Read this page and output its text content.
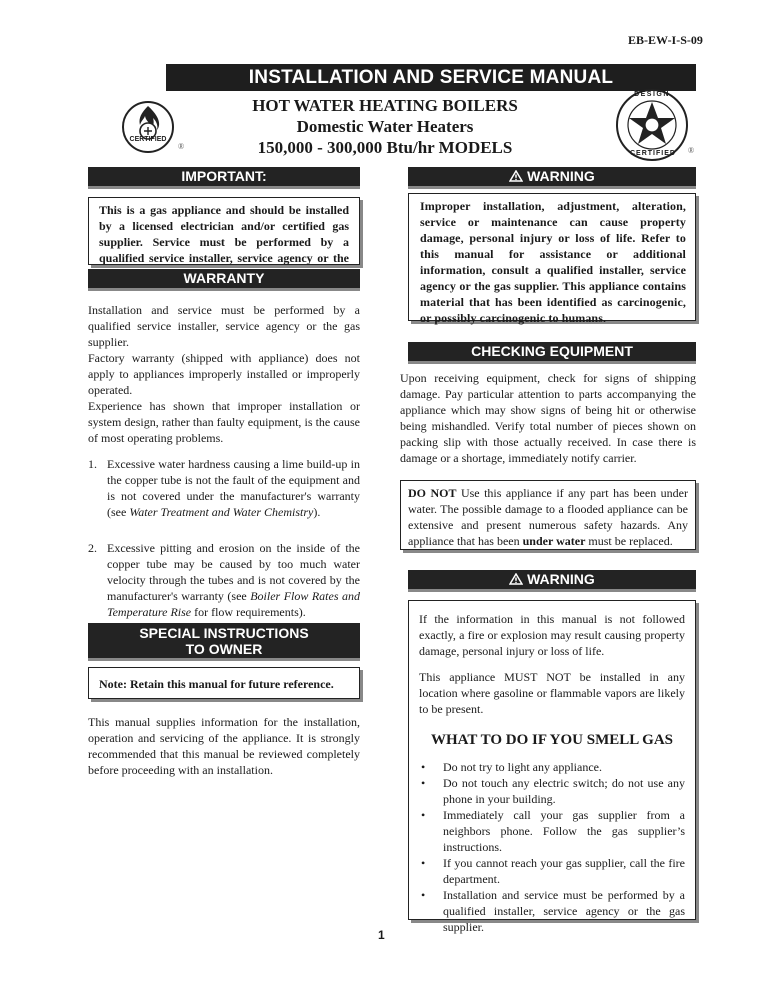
EB-EW-I-S-09
INSTALLATION AND SERVICE MANUAL
HOT WATER HEATING BOILERS
Domestic Water Heaters
150,000 - 300,000 Btu/hr MODELS
CERTIFIED
®
DESIGN
CERTIFIED ®
IMPORTANT:
This is a gas appliance and should be installed by a licensed electrician and/or certified gas supplier. Service must be performed by a qualified service installer, service agency or the
WARNING
Improper installation, adjustment, alteration, service or maintenance can cause property damage, personal injury or loss of life. Refer to this manual for assistance or additional information, consult a qualified installer, service agency or the gas supplier. This appliance contains material that has been identified as carcinogenic, or possibly carcinogenic to humans.
WARRANTY
Installation and service must be performed by a qualified service installer, service agency or the gas supplier.
Factory warranty (shipped with appliance) does not apply to appliances improperly installed or improperly operated.
Experience has shown that improper installation or system design, rather than faulty equipment, is the cause of most operating problems.
1. Excessive water hardness causing a lime build-up in the copper tube is not the fault of the equipment and is not covered under the manufacturer's warranty (see Water Treatment and Water Chemistry).
2. Excessive pitting and erosion on the inside of the copper tube may be caused by too much water velocity through the tubes and is not covered by the manufacturer's warranty (see Boiler Flow Rates and Temperature Rise for flow requirements).
SPECIAL INSTRUCTIONS
TO OWNER
Note: Retain this manual for future reference.
This manual supplies information for the installation, operation and servicing of the appliance. It is strongly recommended that this manual be reviewed completely before proceeding with an installation.
CHECKING EQUIPMENT
Upon receiving equipment, check for signs of shipping damage. Pay particular attention to parts accompanying the appliance which may show signs of being hit or otherwise being mishandled. Verify total number of pieces shown on packing slip with those actually received. In case there is damage or a shortage, immediately notify carrier.
DO NOT Use this appliance if any part has been under water. The possible damage to a flooded appliance can be extensive and present numerous safety hazards. Any appliance that has been under water must be replaced.
WARNING
If the information in this manual is not followed exactly, a fire or explosion may result causing property damage, personal injury or loss of life.
This appliance MUST NOT be installed in any location where gasoline or flammable vapors are likely to be present.
WHAT TO DO IF YOU SMELL GAS
• Do not try to light any appliance.
• Do not touch any electric switch; do not use any phone in your building.
• Immediately call your gas supplier from a neighbors phone. Follow the gas supplier’s instructions.
• If you cannot reach your gas supplier, call the fire department.
• Installation and service must be performed by a qualified installer, service agency or the gas supplier.
1
